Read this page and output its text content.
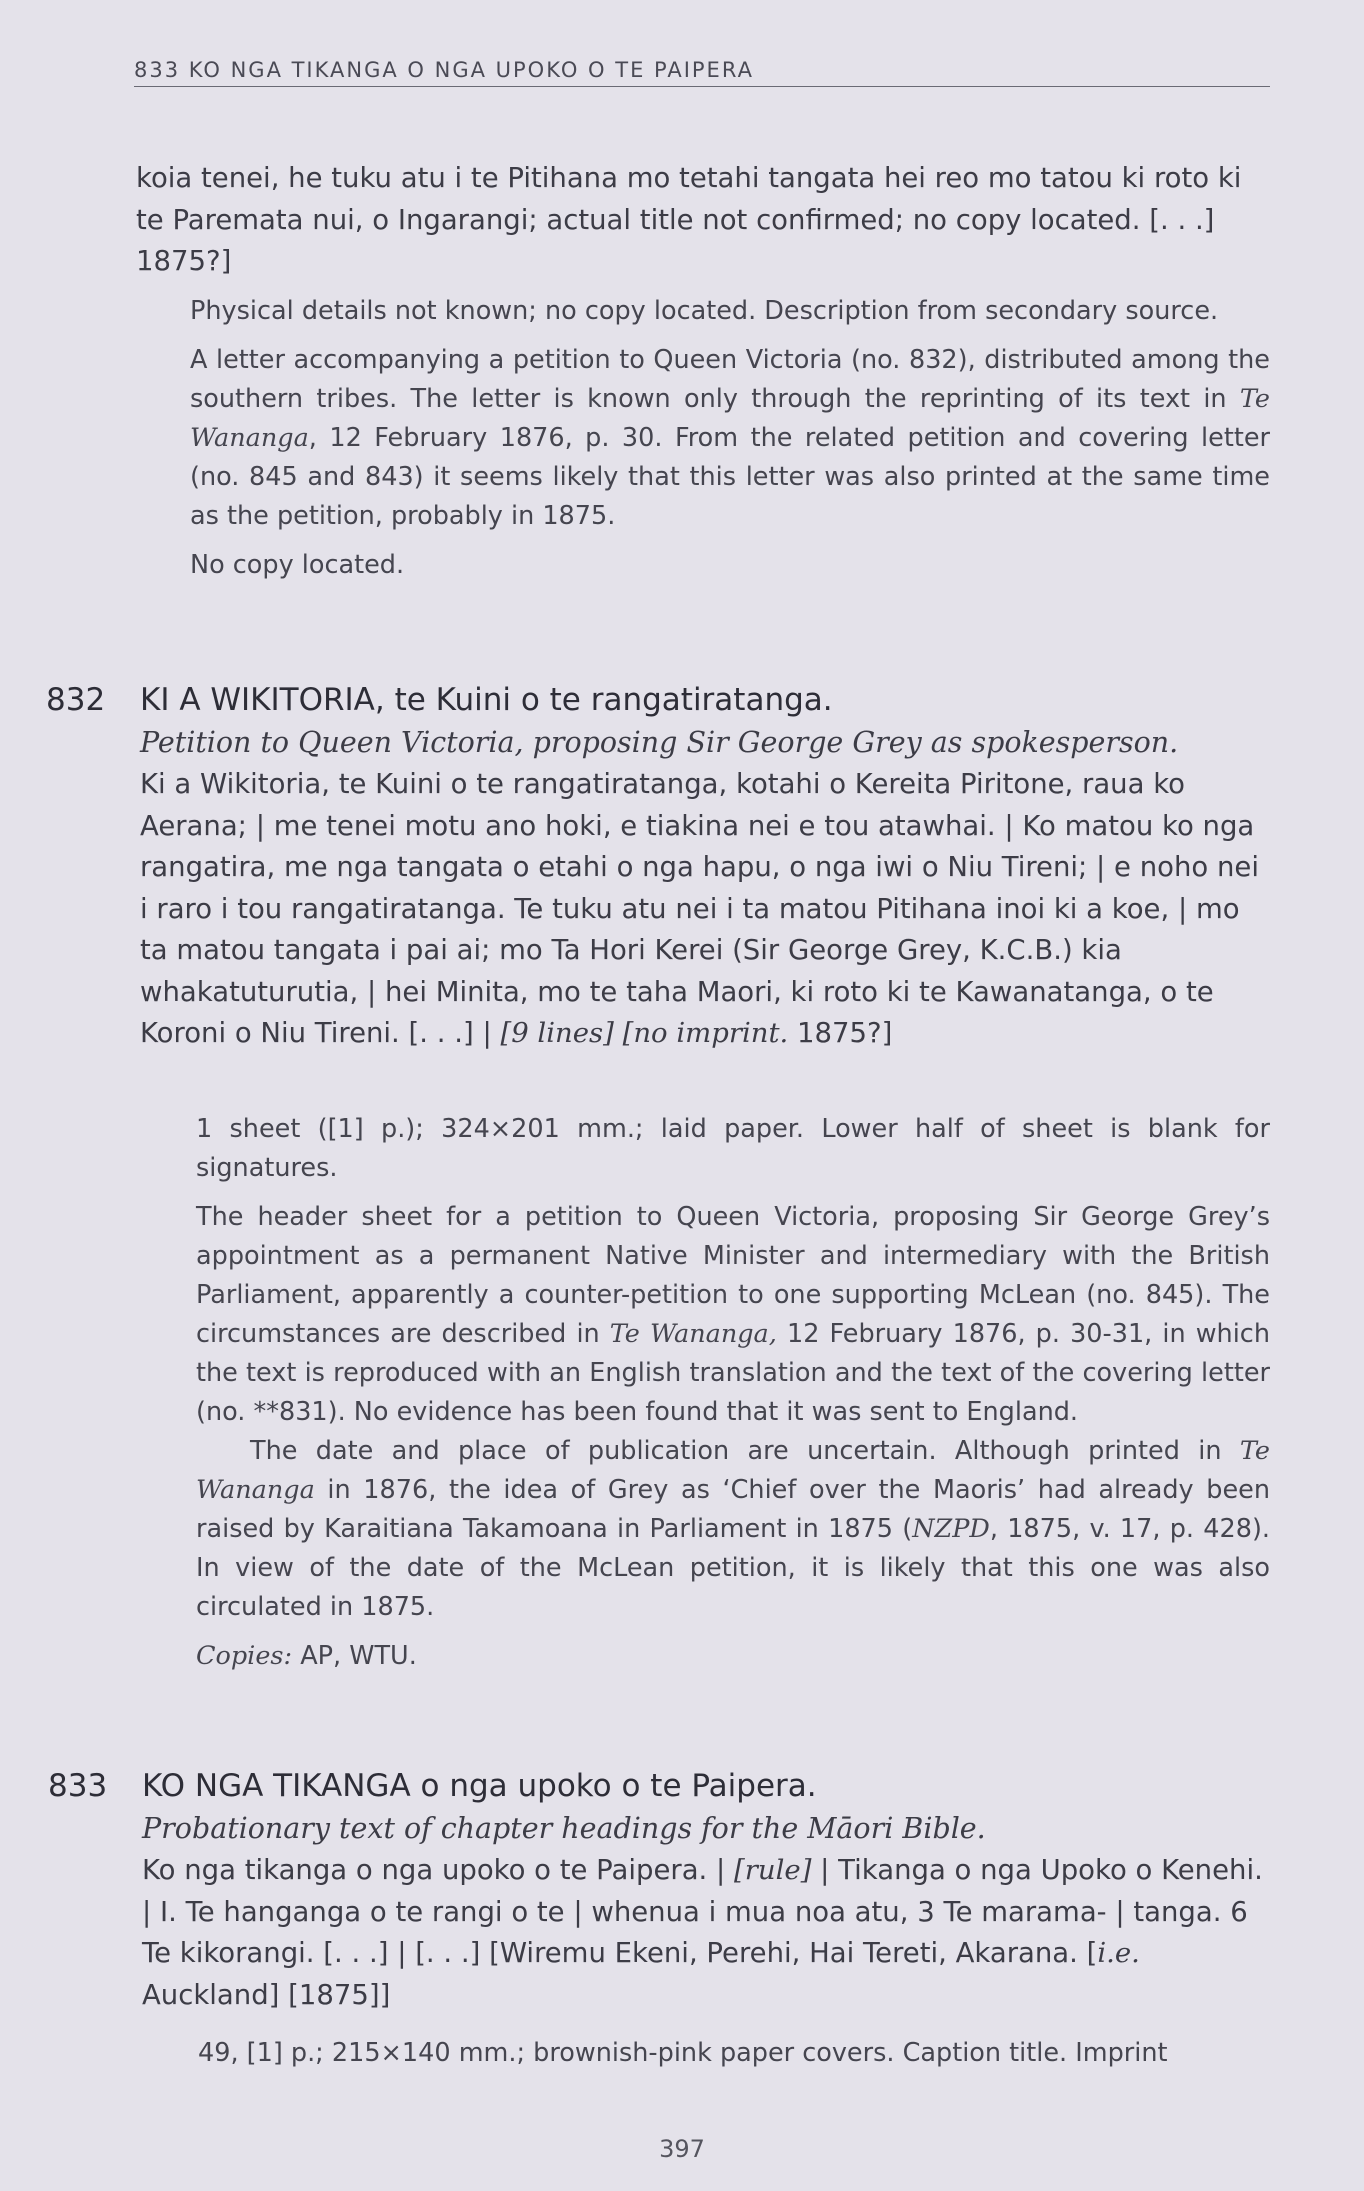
833 KO NGA TIKANGA O NGA UPOKO O TE PAIPERA
koia tenei, he tuku atu i te Pitihana mo tetahi tangata hei reo mo tatou ki roto ki te Paremata nui, o Ingarangi; actual title not confirmed; no copy located. [. . .] 1875?]

Physical details not known; no copy located. Description from secondary source.

A letter accompanying a petition to Queen Victoria (no. 832), distributed among the southern tribes. The letter is known only through the reprinting of its text in Te Wananga, 12 February 1876, p. 30. From the related petition and covering letter (no. 845 and 843) it seems likely that this letter was also printed at the same time as the petition, probably in 1875.

No copy located.

832 KI A WIKITORIA, te Kuini o te rangatiratanga.
Petition to Queen Victoria, proposing Sir George Grey as spokesperson.
Ki a Wikitoria, te Kuini o te rangatiratanga, kotahi o Kereita Piritone, raua ko Aerana; | me tenei motu ano hoki, e tiakina nei e tou atawhai. | Ko matou ko nga rangatira, me nga tangata o etahi o nga hapu, o nga iwi o Niu Tireni; | e noho nei i raro i tou rangatiratanga. Te tuku atu nei i ta matou Pitihana inoi ki a koe, | mo ta matou tangata i pai ai; mo Ta Hori Kerei (Sir George Grey, K.C.B.) kia whakatuturutia, | hei Minita, mo te taha Maori, ki roto ki te Kawanatanga, o te Koroni o Niu Tireni. [. . .] | [9 lines] [no imprint. 1875?]

1 sheet ([1] p.); 324×201 mm.; laid paper. Lower half of sheet is blank for signatures.

The header sheet for a petition to Queen Victoria, proposing Sir George Grey’s appointment as a permanent Native Minister and intermediary with the British Parliament, apparently a counter-petition to one supporting McLean (no. 845). The circumstances are described in Te Wananga, 12 February 1876, p. 30-31, in which the text is reproduced with an English translation and the text of the covering letter (no. **831). No evidence has been found that it was sent to England.

The date and place of publication are uncertain. Although printed in Te Wananga in 1876, the idea of Grey as ‘Chief over the Maoris’ had already been raised by Karaitiana Takamoana in Parliament in 1875 (NZPD, 1875, v. 17, p. 428). In view of the date of the McLean petition, it is likely that this one was also circulated in 1875.

Copies: AP, WTU.

833 KO NGA TIKANGA o nga upoko o te Paipera.
Probationary text of chapter headings for the Māori Bible.
Ko nga tikanga o nga upoko o te Paipera. | [rule] | Tikanga o nga Upoko o Kenehi. | I. Te hanganga o te rangi o te | whenua i mua noa atu, 3 Te marama- | tanga. 6 Te kikorangi. [. . .] | [. . .] [Wiremu Ekeni, Perehi, Hai Tereti, Akarana. [i.e. Auckland] [1875]]

49, [1] p.; 215×140 mm.; brownish-pink paper covers. Caption title. Imprint

397
